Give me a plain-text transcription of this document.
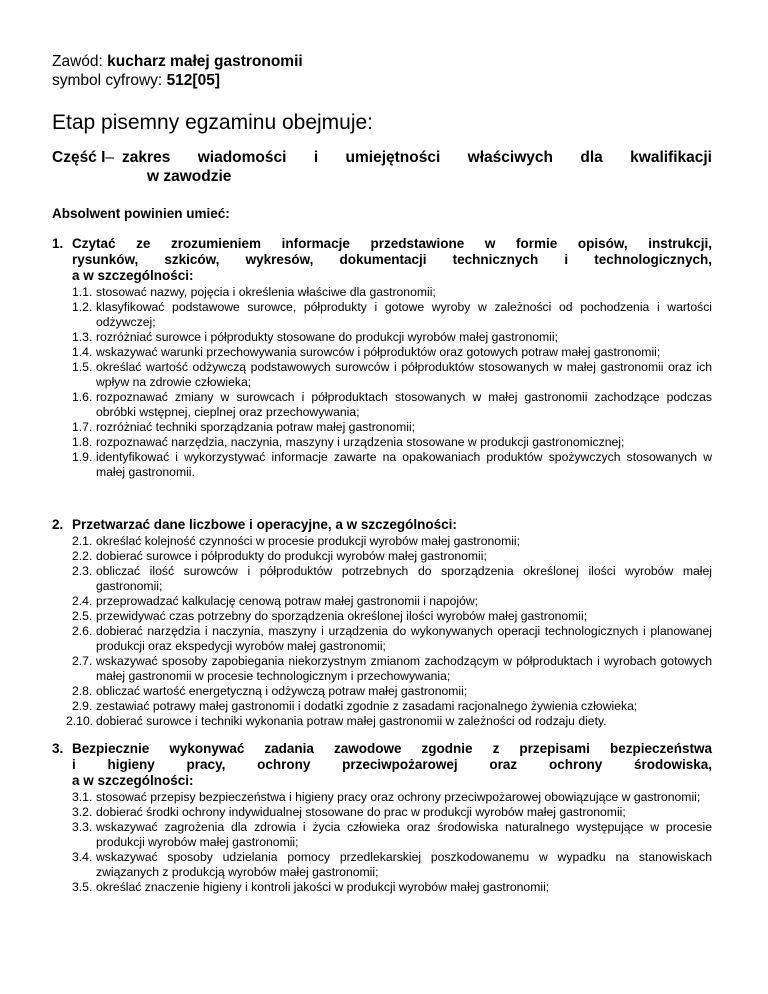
Zawód: kucharz małej gastronomii
symbol cyfrowy: 512[05]
Etap pisemny egzaminu obejmuje:
Część I – zakres wiadomości i umiejętności właściwych dla kwalifikacji
w zawodzie
Absolwent powinien umieć:
1. Czytać ze zrozumieniem informacje przedstawione w formie opisów, instrukcji,
rysunków, szkiców, wykresów, dokumentacji technicznych i technologicznych,
a w szczególności:
1.1. stosować nazwy, pojęcia i określenia właściwe dla gastronomii;
1.2. klasyfikować podstawowe surowce, półprodukty i gotowe wyroby w zależności od pochodzenia i wartości odżywczej;
1.3. rozróżniać surowce i półprodukty stosowane do produkcji wyrobów małej gastronomii;
1.4. wskazywać warunki przechowywania surowców i półproduktów oraz gotowych potraw małej gastronomii;
1.5. określać wartość odżywczą podstawowych surowców i półproduktów stosowanych w małej gastronomii oraz ich wpływ na zdrowie człowieka;
1.6. rozpoznawać zmiany w surowcach i półproduktach stosowanych w małej gastronomii zachodzące podczas obróbki wstępnej, cieplnej oraz przechowywania;
1.7. rozróżniać techniki sporządzania potraw małej gastronomii;
1.8. rozpoznawać narzędzia, naczynia, maszyny i urządzenia stosowane w produkcji gastronomicznej;
1.9. identyfikować i wykorzystywać informacje zawarte na opakowaniach produktów spożywczych stosowanych w małej gastronomii.
2. Przetwarzać dane liczbowe i operacyjne, a w szczególności:
2.1. określać kolejność czynności w procesie produkcji wyrobów małej gastronomii;
2.2. dobierać surowce i półprodukty do produkcji wyrobów małej gastronomii;
2.3. obliczać ilość surowców i półproduktów potrzebnych do sporządzenia określonej ilości wyrobów małej gastronomii;
2.4. przeprowadzać kalkulację cenową potraw małej gastronomii i napojów;
2.5. przewidywać czas potrzebny do sporządzenia określonej ilości wyrobów małej gastronomii;
2.6. dobierać narzędzia i naczynia, maszyny i urządzenia do wykonywanych operacji technologicznych i planowanej produkcji oraz ekspedycji wyrobów małej gastronomii;
2.7. wskazywać sposoby zapobiegania niekorzystnym zmianom zachodzącym w półproduktach i wyrobach gotowych małej gastronomii w procesie technologicznym i przechowywania;
2.8. obliczać wartość energetyczną i odżywczą potraw małej gastronomii;
2.9. zestawiać potrawy małej gastronomii i dodatki zgodnie z zasadami racjonalnego żywienia człowieka;
2.10. dobierać surowce i techniki wykonania potraw małej gastronomii w zależności od rodzaju diety.
3. Bezpiecznie wykonywać zadania zawodowe zgodnie z przepisami bezpieczeństwa
i higieny pracy, ochrony przeciwpożarowej oraz ochrony środowiska,
a w szczególności:
3.1. stosować przepisy bezpieczeństwa i higieny pracy oraz ochrony przeciwpożarowej obowiązujące w gastronomii;
3.2. dobierać środki ochrony indywidualnej stosowane do prac w produkcji wyrobów małej gastronomii;
3.3. wskazywać zagrożenia dla zdrowia i życia człowieka oraz środowiska naturalnego występujące w procesie produkcji wyrobów małej gastronomii;
3.4. wskazywać sposoby udzielania pomocy przedlekarskiej poszkodowanemu w wypadku na stanowiskach związanych z produkcją wyrobów małej gastronomii;
3.5. określać znaczenie higieny i kontroli jakości w produkcji wyrobów małej gastronomii;
